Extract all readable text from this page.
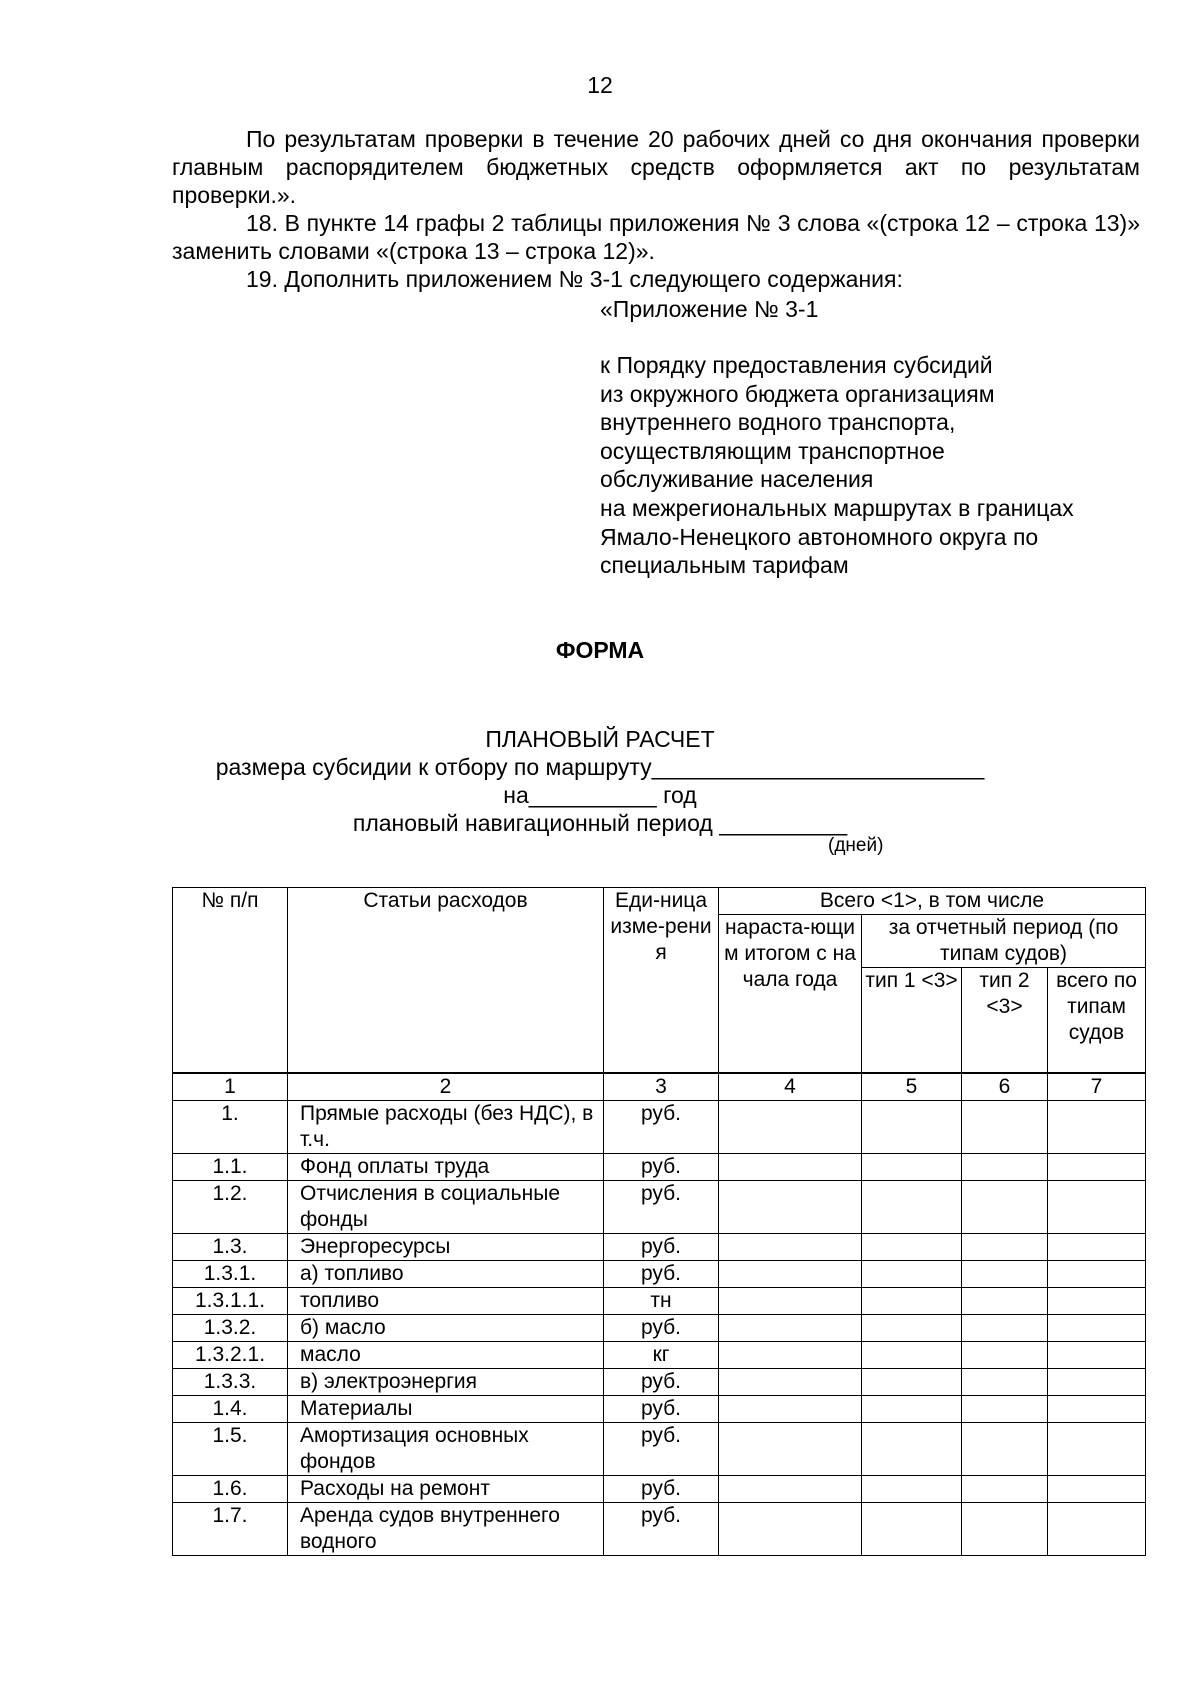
12
По результатам проверки в течение 20 рабочих дней со дня окончания проверки главным распорядителем бюджетных средств оформляется акт по результатам проверки.».
18. В пункте 14 графы 2 таблицы приложения № 3 слова «(строка 12 – строка 13)» заменить словами «(строка 13 – строка 12)».
19. Дополнить приложением № 3-1 следующего содержания:
«Приложение № 3-1
к Порядку предоставления субсидий
из окружного бюджета организациям
внутреннего водного транспорта,
осуществляющим транспортное
обслуживание населения
на межрегиональных маршрутах в границах
Ямало-Ненецкого автономного округа по
специальным тарифам
ФОРМА
ПЛАНОВЫЙ РАСЧЕТ
размера субсидии к отбору по маршруту__________________________
на__________ год
плановый навигационный период __________
(дней)
№ п/п	Статьи расходов	Еди-ница изме-рения	Всего <1>, в том числе			
			нараста-ющим итогом с начала года	за отчетный период (по типам судов)		
				тип 1 <3>	тип 2 <3>	всего по типам судов
1	2	3	4	5	6	7
1.	Прямые расходы (без НДС), в т.ч.	руб.				
1.1.	Фонд оплаты труда	руб.				
1.2.	Отчисления в социальные фонды	руб.				
1.3.	Энергоресурсы	руб.				
1.3.1.	а) топливо	руб.				
1.3.1.1.	топливо	тн				
1.3.2.	б) масло	руб.				
1.3.2.1.	масло	кг				
1.3.3.	в) электроэнергия	руб.				
1.4.	Материалы	руб.				
1.5.	Амортизация основных фондов	руб.				
1.6.	Расходы на ремонт	руб.				
1.7.	Аренда судов внутреннего водного	руб.				
